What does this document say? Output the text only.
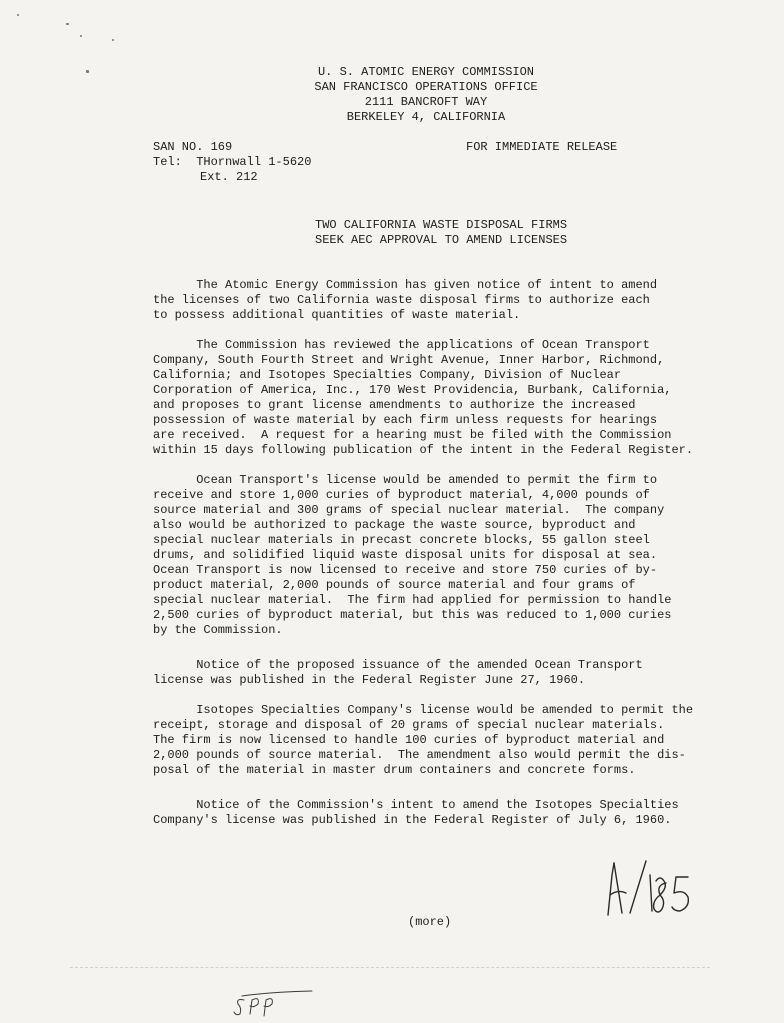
U. S. ATOMIC ENERGY COMMISSION
SAN FRANCISCO OPERATIONS OFFICE
2111 BANCROFT WAY
BERKELEY 4, CALIFORNIA
SAN NO. 169
Tel:  THornwall 1-5620
Ext. 212
FOR IMMEDIATE RELEASE
TWO CALIFORNIA WASTE DISPOSAL FIRMS
SEEK AEC APPROVAL TO AMEND LICENSES
The Atomic Energy Commission has given notice of intent to amend
the licenses of two California waste disposal firms to authorize each
to possess additional quantities of waste material.
The Commission has reviewed the applications of Ocean Transport
Company, South Fourth Street and Wright Avenue, Inner Harbor, Richmond,
California; and Isotopes Specialties Company, Division of Nuclear
Corporation of America, Inc., 170 West Providencia, Burbank, California,
and proposes to grant license amendments to authorize the increased
possession of waste material by each firm unless requests for hearings
are received.  A request for a hearing must be filed with the Commission
within 15 days following publication of the intent in the Federal Register.
Ocean Transport's license would be amended to permit the firm to
receive and store 1,000 curies of byproduct material, 4,000 pounds of
source material and 300 grams of special nuclear material.  The company
also would be authorized to package the waste source, byproduct and
special nuclear materials in precast concrete blocks, 55 gallon steel
drums, and solidified liquid waste disposal units for disposal at sea.
Ocean Transport is now licensed to receive and store 750 curies of by-
product material, 2,000 pounds of source material and four grams of
special nuclear material.  The firm had applied for permission to handle
2,500 curies of byproduct material, but this was reduced to 1,000 curies
by the Commission.
Notice of the proposed issuance of the amended Ocean Transport
license was published in the Federal Register June 27, 1960.
Isotopes Specialties Company's license would be amended to permit the
receipt, storage and disposal of 20 grams of special nuclear materials.
The firm is now licensed to handle 100 curies of byproduct material and
2,000 pounds of source material.  The amendment also would permit the dis-
posal of the material in master drum containers and concrete forms.
Notice of the Commission's intent to amend the Isotopes Specialties
Company's license was published in the Federal Register of July 6, 1960.
(more)
